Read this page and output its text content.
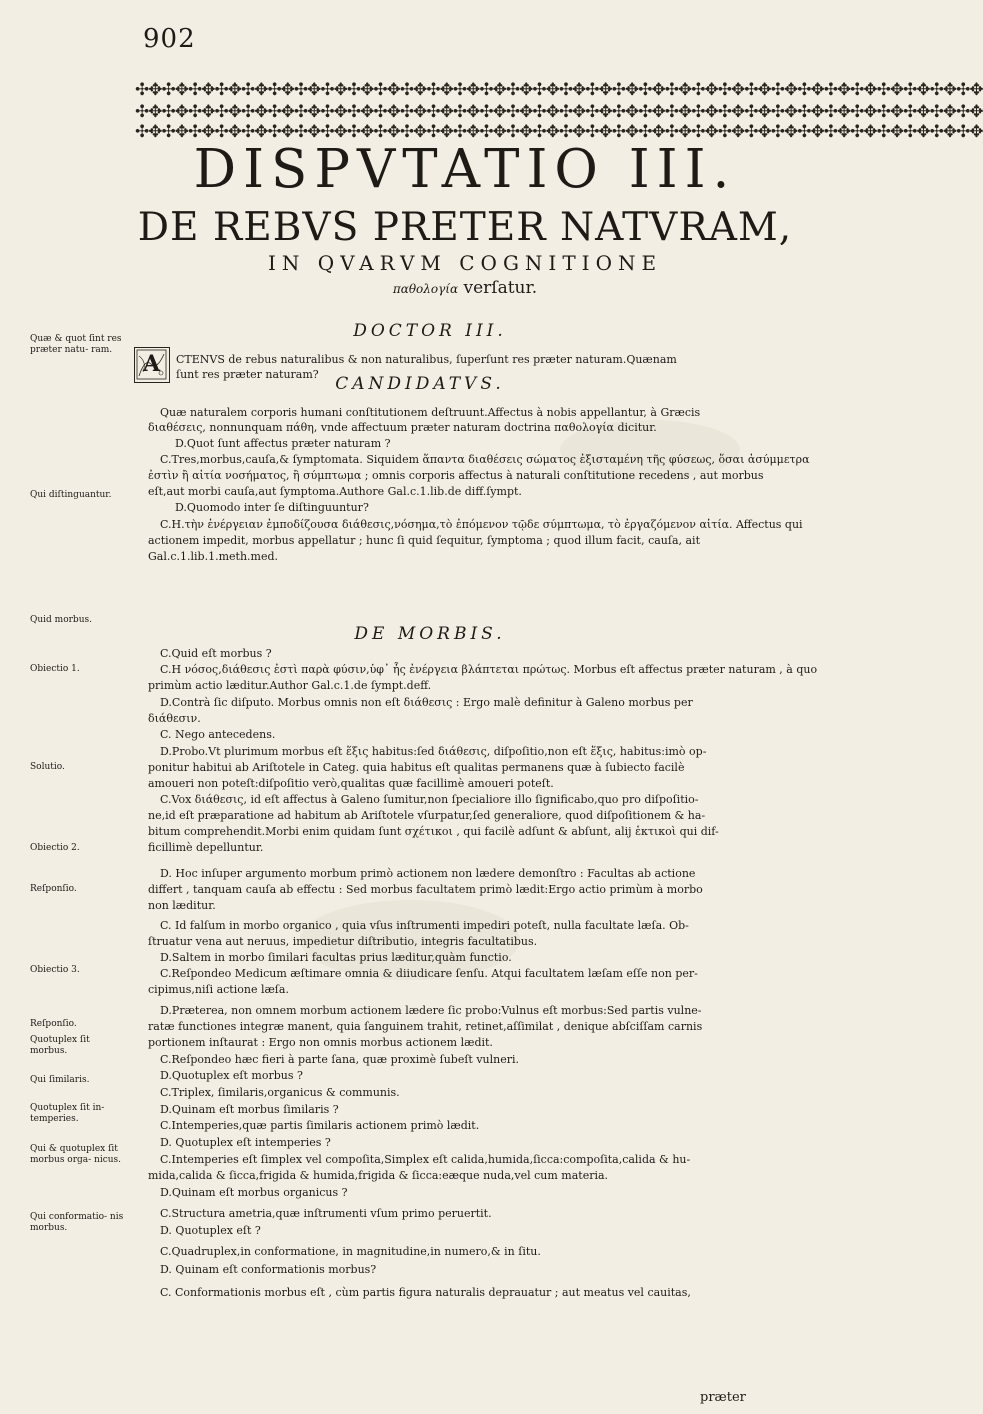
902
✣✥✣✥✣✥✣✥✣✥✣✥✣✥✣✥✣✥✣✥✣✥✣✥✣✥✣✥✣✥✣✥✣✥✣✥✣✥✣✥✣✥✣✥✣✥✣✥✣✥✣✥✣✥✣✥✣✥✣✥✣✥✣✥
✣✥✣✥✣✥✣✥✣✥✣✥✣✥✣✥✣✥✣✥✣✥✣✥✣✥✣✥✣✥✣✥✣✥✣✥✣✥✣✥✣✥✣✥✣✥✣✥✣✥✣✥✣✥✣✥✣✥✣✥✣✥✣✥
✣✥✣✥✣✥✣✥✣✥✣✥✣✥✣✥✣✥✣✥✣✥✣✥✣✥✣✥✣✥✣✥✣✥✣✥✣✥✣✥✣✥✣✥✣✥✣✥✣✥✣✥✣✥✣✥✣✥✣✥✣✥✣✥
DISPVTATIO III.
DE REBVS PRETER NATVRAM,
IN QVARVM COGNITIONE
παθολογία verſatur.
DOCTOR III.
A	CTENVS de rebus naturalibus & non naturalibus, ſuperſunt res prӕter naturam.Quӕnam
ſunt res prӕter naturam? CANDIDATVS.
Quӕ naturalem corporis humani conſtitutionem deſtruunt.Affectus à nobis appellantur, à Grӕcis
διαθέσεις, nonnunquam πάθη, vnde affectuum prӕter naturam doctrina παθολογία dicitur.
D.Quot ſunt affectus prӕter naturam ?
C.Tres,morbus,cauſa,& ſymptomata. Siquidem ἅπαντα διαθέσεις σώματος ἐξισταμένη τῆς φύσεως, ὅσαι ἀσύμμετρα
ἐστὶν ἢ αἰτία νοσήματος, ἢ σύμπτωμα ; omnis corporis affectus à naturali conſtitutione recedens , aut morbus
eſt,aut morbi cauſa,aut ſymptoma.Authore Gal.c.1.lib.de diff.ſympt.
D.Quomodo inter ſe diſtinguuntur?
C.H.τὴν ἐνέργειαν ἐμποδίζουσα διάθεσις,νόσημα,τὸ ἐπόμενον τῷδε σύμπτωμα, τὸ ἐργαζόμενον αἰτία. Affectus qui
actionem impedit, morbus appellatur ; hunc ſi quid ſequitur, ſymptoma ; quod illum facit, cauſa, ait
Gal.c.1.lib.1.meth.med.
DE MORBIS.
C.Quid eſt morbus ?
C.H νόσος,διάθεσις ἐστὶ παρὰ φύσιν,ὑφ᾽ ἧς ἐνέργεια βλάπτεται πρώτως. Morbus eſt affectus prӕter naturam , à quo
primùm actio lӕditur.Author Gal.c.1.de ſympt.deff.
D.Contrà ſic diſputo. Morbus omnis non eſt διάθεσις : Ergo malè definitur à Galeno morbus per
διάθεσιν.
C. Nego antecedens.
D.Probo.Vt plurimum morbus eſt ἕξις habitus:ſed διάθεσις, diſpoſitio,non eſt ἕξις, habitus:imò op-
ponitur habitui ab Ariſtotele in Categ. quia habitus eſt qualitas permanens quӕ à ſubiecto facilè
amoueri non poteſt:diſpoſitio verò,qualitas quӕ facillimè amoueri poteſt.
C.Vox διάθεσις, id eſt affectus à Galeno ſumitur,non ſpecialiore illo ſignificabo,quo pro diſpoſitio-
ne,id eſt prӕparatione ad habitum ab Ariſtotele vſurpatur,ſed generaliore, quod diſpoſitionem & ha-
bitum comprehendit.Morbi enim quidam ſunt σχέτικοι , qui facilè adſunt & abſunt, alij ἑκτικοὶ qui dif-
ficillimè depelluntur.
D. Hoc inſuper argumento morbum primò actionem non lӕdere demonſtro : Facultas ab actione
differt , tanquam cauſa ab effectu : Sed morbus facultatem primò lӕdit:Ergo actio primùm à morbo
non lӕditur.
C. Id falſum in morbo organico , quia vſus inſtrumenti impediri poteſt, nulla facultate lӕſa. Ob-
ſtruatur vena aut neruus, impedietur diſtributio, integris facultatibus.
D.Saltem in morbo ſimilari facultas prius lӕditur,quàm functio.
C.Reſpondeo Medicum ӕſtimare omnia & diiudicare ſenſu. Atqui facultatem lӕſam eſſe non per-
cipimus,niſi actione lӕſa.
D.Prӕterea, non omnem morbum actionem lӕdere ſic probo:Vulnus eſt morbus:Sed partis vulne-
ratӕ functiones integrӕ manent, quia ſanguinem trahit, retinet,aſſimilat , denique abſciſſam carnis
portionem inſtaurat : Ergo non omnis morbus actionem lӕdit.
C.Reſpondeo hӕc fieri à parte ſana, quӕ proximè ſubeſt vulneri.
D.Quotuplex eſt morbus ?
C.Triplex, ſimilaris,organicus & communis.
D.Quinam eſt morbus ſimilaris ?
C.Intemperies,quӕ partis ſimilaris actionem primò lӕdit.
D. Quotuplex eſt intemperies ?
C.Intemperies eſt ſimplex vel compoſita,Simplex eſt calida,humida,ſicca:compoſita,calida & hu-
mida,calida & ſicca,frigida & humida,frigida & ſicca:eӕque nuda,vel cum materia.
D.Quinam eſt morbus organicus ?
C.Structura ametria,quӕ inſtrumenti vſum primo peruertit.
D. Quotuplex eſt ?
C.Quadruplex,in conformatione, in magnitudine,in numero,& in ſitu.
D. Quinam eſt conformationis morbus?
C. Conformationis morbus eſt , cùm partis figura naturalis deprauatur ; aut meatus vel cauitas,
Quӕ & quot ſint res prӕter natu- ram.
Qui diſtinguantur.
Quid morbus.
Obiectio 1.
Solutio.
Obiectio 2.
Reſponſio.
Obiectio 3.
Reſponſio.
Quotuplex ſit morbus.
Qui ſimilaris.
Quotuplex ſit in- temperies.
Qui & quotuplex ſit morbus orga- nicus.
Qui conformatio- nis morbus.
prӕter
